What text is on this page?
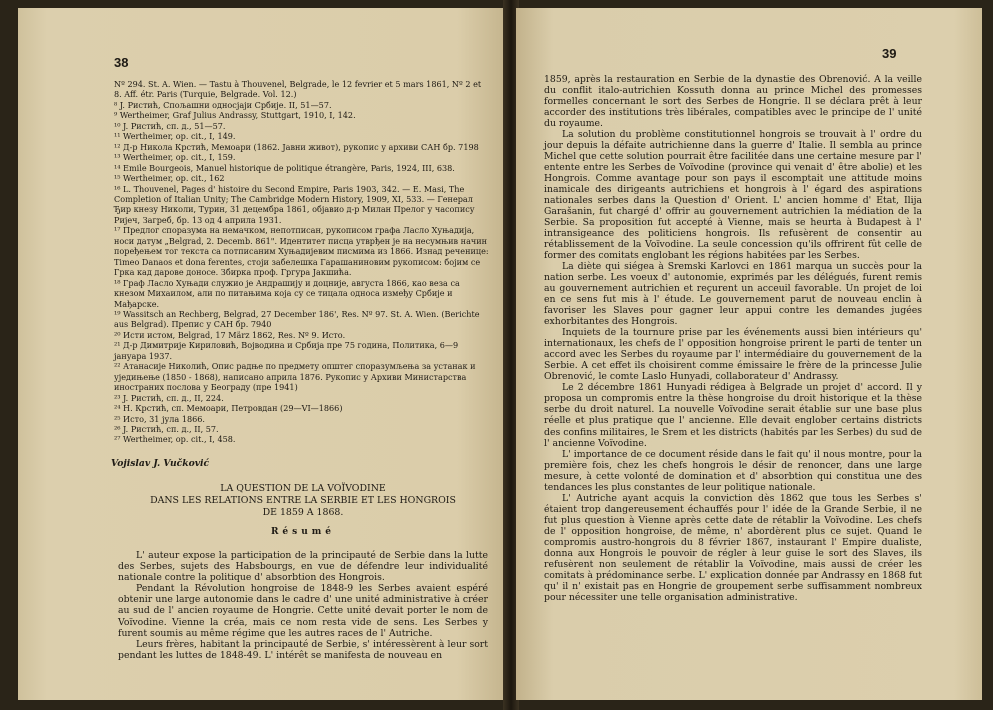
38
Nº 294. St. A. Wien. — Tastu à Thouvenel, Belgrade, le 12 fevrier et 5 mars 1861, Nº 2 et 8. Aff. étr. Paris (Turquie, Belgrade. Vol. 12.)
⁸ J. Ристић, Спољашни односјаји Србије. II, 51—57.
⁹ Wertheimer, Graf Julius Andrassy, Stuttgart, 1910, I, 142.
¹⁰ J. Ристић, сп. д., 51—57.
¹¹ Wertheimer, op. cit., I, 149.
¹² Д-р Никола Крстић, Мемоари (1862. Јавни живот), рукопис у архиви САН бр. 7198
¹³ Wertheimer, op. cit., I, 159.
¹⁴ Emile Bourgeois, Manuel historique de politique étrangère, Paris, 1924, III, 638.
¹⁵ Wertheimer, op. cit., 162
¹⁶ L. Thouvenel, Pages d' histoire du Second Empire, Paris 1903, 342. — E. Masi, The Completion of Italian Unity; The Cambridge Modern History, 1909, XI, 533. — Генерал Ђир кнезу Николи, Турин, 31 децембра 1861, објавио д-р Милан Прелог у часопису Ријеч, Загреб, бр. 13 од 4 априла 1931.
¹⁷ Предлог споразума на немачком, непотписан, рукописом графа Ласло Хуњадија, носи датум „Belgrad, 2. Decemb. 861". Идентитет писца утврђен је на несумњив начин поређењем тог текста са потписаним Хуњадијевим писмима из 1866. Изнад реченице: Timeo Danaos et dona ferentes, стоји забелешка Гарашаниновим рукописом: бојим се Грка кад дарове доносе. Збирка проф. Гргура Јакшића.
¹⁸ Граф Ласло Хуњади служио је Андрашију и доцније, августа 1866, као веза са кнезом Михаилом, али по питањима која су се тицала односа између Србије и Мађарске.
¹⁹ Wassitsch an Rechberg, Belgrad, 27 December 186', Res. Nº 97. St. A. Wien. (Berichte aus Belgrad). Препис у САН бр. 7940
²⁰ Исти истом, Belgrad, 17 März 1862, Res. Nº 9. Исто.
²¹ Д-р Димитрије Кириловић, Војводина и Србија пре 75 година, Политика, 6—9 јануара 1937.
²² Атанасије Николић, Опис радње по предмету општег споразумљења за устанак и уједињење (1850 - 1868), написано априла 1876. Рукопис у Архиви Министарства иностраних послова у Београду (пре 1941)
²³ J. Ристић, сп. д., II, 224.
²⁴ Н. Крстић, сп. Мемоари, Петровдан (29—VI—1866)
²⁵ Исто, 31 јула 1866.
²⁶ J. Ристић, сп. д., II, 57.
²⁷ Wertheimer, op. cit., I, 458.
Vojislav J. Vučković
LA QUESTION DE LA VOÏVODINE
DANS LES RELATIONS ENTRE LA SERBIE ET LES HONGROIS
DE 1859 A 1868.
Résumé

L' auteur expose la participation de la principauté de Serbie dans la lutte des Serbes, sujets des Habsbourgs, en vue de défendre leur individualité nationale contre la politique d' absorbtion des Hongrois.

Pendant la Révolution hongroise de 1848-9 les Serbes avaient espéré obtenir une large autonomie dans le cadre d' une unité administrative à créer au sud de l' ancien royaume de Hongrie. Cette unité devait porter le nom de Voïvodine. Vienne la créa, mais ce nom resta vide de sens. Les Serbes y furent soumis au même régime que les autres races de l' Autriche.

Leurs frères, habitant la principauté de Serbie, s' intéressèrent à leur sort pendant les luttes de 1848-49. L' intérêt se manifesta de nouveau en

39

1859, après la restauration en Serbie de la dynastie des Obrenović. A la veille du conflit italo-autrichien Kossuth donna au prince Michel des promesses formelles concernant le sort des Serbes de Hongrie. Il se déclara prêt à leur accorder des institutions très libérales, compatibles avec le principe de l' unité du royaume.

La solution du problème constitutionnel hongrois se trouvait à l' ordre du jour depuis la défaite autrichienne dans la guerre d' Italie. Il sembla au prince Michel que cette solution pourrait être facilitée dans une certaine mesure par l' entente entre les Serbes de Voïvodine (province qui venait d' être abolie) et les Hongrois. Comme avantage pour son pays il escomptait une attitude moins inamicale des dirigeants autrichiens et hongrois à l' égard des aspirations nationales serbes dans la Question d' Orient. L' ancien homme d' Etat, Ilija Garašanin, fut chargé d' offrir au gouvernement autrichien la médiation de la Serbie. Sa proposition fut accepté à Vienne, mais se heurta à Budapest à l' intransigeance des politiciens hongrois. Ils refusèrent de consentir au rétablissement de la Voïvodine. La seule concession qu'ils offrirent fût celle de former des comitats englobant les régions habitées par les Serbes.

La diète qui siégea à Sremski Karlovci en 1861 marqua un succès pour la nation serbe. Les voeux d' autonomie, exprimés par les délégués, furent remis au gouvernement autrichien et reçurent un acceuil favorable. Un projet de loi en ce sens fut mis à l' étude. Le gouvernement parut de nouveau enclin à favoriser les Slaves pour gagner leur appui contre les demandes jugées exhorbitantes des Hongrois.

Inquiets de la tournure prise par les événements aussi bien intérieurs qu' internationaux, les chefs de l' opposition hongroise prirent le parti de tenter un accord avec les Serbes du royaume par l' intermédiaire du gouvernement de la Serbie. A cet effet ils choisirent comme émissaire le frère de la princesse Julie Obrenović, le comte Laslo Hunyadi, collaborateur d' Andrassy.

Le 2 décembre 1861 Hunyadi rédigea à Belgrade un projet d' accord. Il y proposa un compromis entre la thèse hongroise du droit historique et la thèse serbe du droit naturel. La nouvelle Voïvodine serait établie sur une base plus réelle et plus pratique que l' ancienne. Elle devait englober certains districts des confins militaires, le Srem et les districts (habités par les Serbes) du sud de l' ancienne Voïvodine.

L' importance de ce document réside dans le fait qu' il nous montre, pour la première fois, chez les chefs hongrois le désir de renoncer, dans une large mesure, à cette volonté de domination et d' absorbtion qui constitua une des tendances les plus constantes de leur politique nationale.

L' Autriche ayant acquis la conviction dès 1862 que tous les Serbes s' étaient trop dangereusement échauffés pour l' idée de la Grande Serbie, il ne fut plus question à Vienne après cette date de rétablir la Voïvodine. Les chefs de l' opposition hongroise, de même, n' abordèrent plus ce sujet. Quand le compromis austro-hongrois du 8 février 1867, instaurant l' Empire dualiste, donna aux Hongrois le pouvoir de régler à leur guise le sort des Slaves, ils refusèrent non seulement de rétablir la Voïvodine, mais aussi de créer les comitats à prédominance serbe. L' explication donnée par Andrassy en 1868 fut qu' il n' existait pas en Hongrie de groupement serbe suffisamment nombreux pour nécessiter une telle organisation administrative.
